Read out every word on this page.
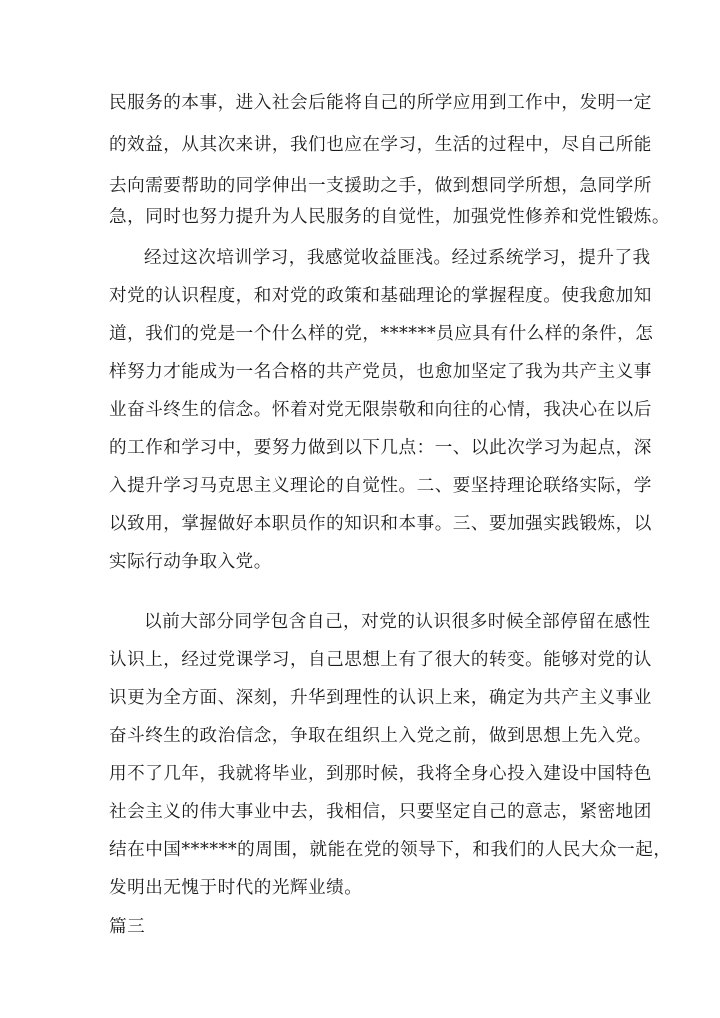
民服务的本事，进入社会后能将自己的所学应用到工作中，发明一定
的效益，从其次来讲，我们也应在学习，生活的过程中，尽自己所能
去向需要帮助的同学伸出一支援助之手，做到想同学所想，急同学所
急，同时也努力提升为人民服务的自觉性，加强党性修养和党性锻炼。
经过这次培训学习，我感觉收益匪浅。经过系统学习，提升了我
对党的认识程度，和对党的政策和基础理论的掌握程度。使我愈加知
道，我们的党是一个什么样的党，******员应具有什么样的条件，怎
样努力才能成为一名合格的共产党员，也愈加坚定了我为共产主义事
业奋斗终生的信念。怀着对党无限崇敬和向往的心情，我决心在以后
的工作和学习中，要努力做到以下几点：一、以此次学习为起点，深
入提升学习马克思主义理论的自觉性。二、要坚持理论联络实际，学
以致用，掌握做好本职员作的知识和本事。三、要加强实践锻炼，以
实际行动争取入党。
以前大部分同学包含自己，对党的认识很多时候全部停留在感性
认识上，经过党课学习，自己思想上有了很大的转变。能够对党的认
识更为全方面、深刻，升华到理性的认识上来，确定为共产主义事业
奋斗终生的政治信念，争取在组织上入党之前，做到思想上先入党。
用不了几年，我就将毕业，到那时候，我将全身心投入建设中国特色
社会主义的伟大事业中去，我相信，只要坚定自己的意志，紧密地团
结在中国******的周围，就能在党的领导下，和我们的人民大众一起，
发明出无愧于时代的光辉业绩。
篇三
